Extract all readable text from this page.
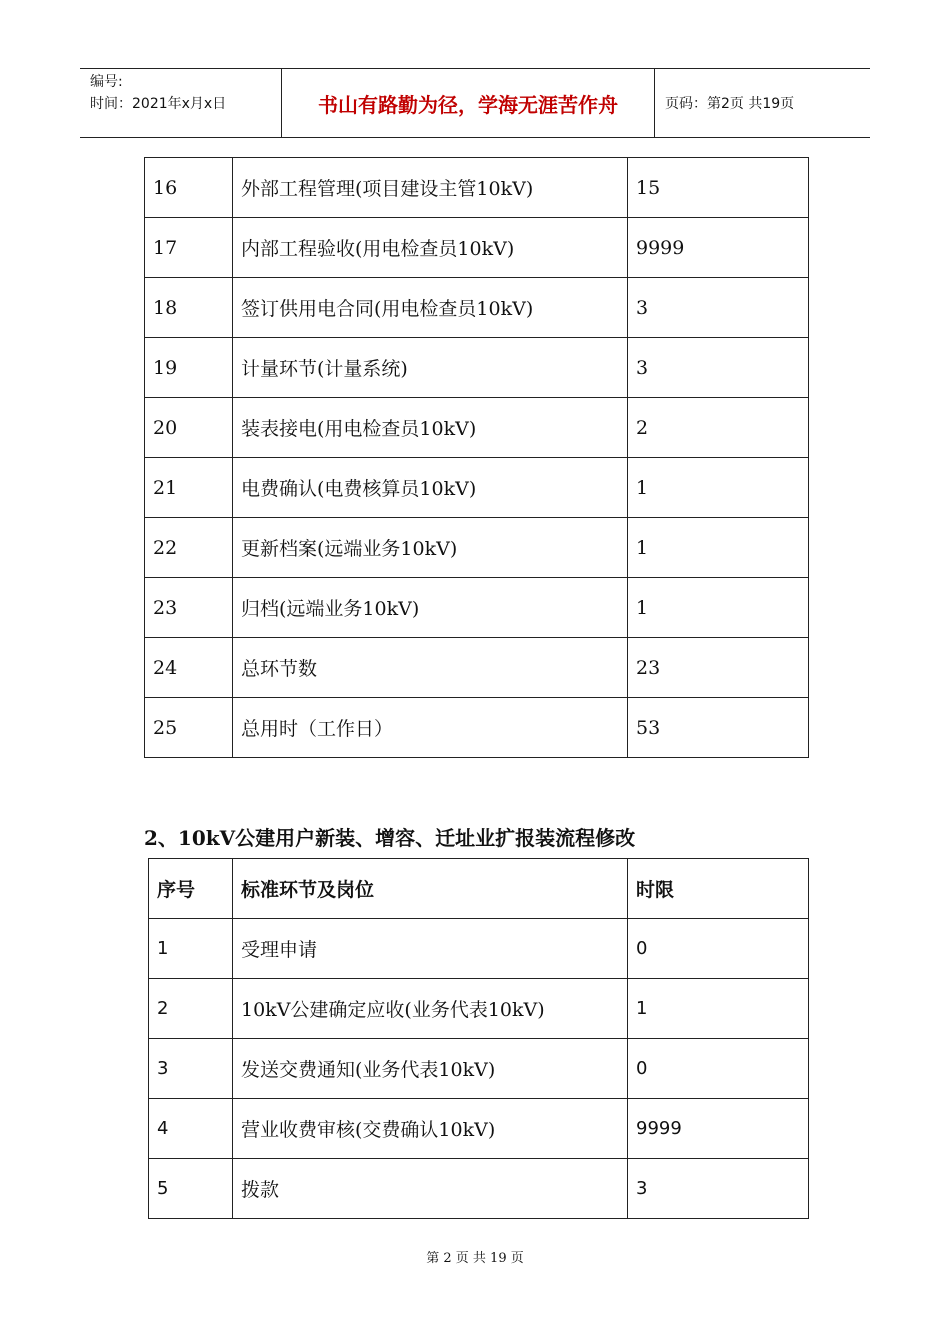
编号:
时间：2021年x月x日	书山有路勤为径，学海无涯苦作舟	页码：第2页 共19页
16	外部工程管理(项目建设主管10kV)	15
17	内部工程验收(用电检查员10kV)	9999
18	签订供用电合同(用电检查员10kV)	3
19	计量环节(计量系统)	3
20	装表接电(用电检查员10kV)	2
21	电费确认(电费核算员10kV)	1
22	更新档案(远端业务10kV)	1
23	归档(远端业务10kV)	1
24	总环节数	23
25	总用时（工作日）	53
2、10kV公建用户新装、增容、迁址业扩报装流程修改
序号	标准环节及岗位	时限
1	受理申请	0
2	10kV公建确定应收(业务代表10kV)	1
3	发送交费通知(业务代表10kV)	0
4	营业收费审核(交费确认10kV)	9999
5	拨款	3
第 2 页 共 19 页
